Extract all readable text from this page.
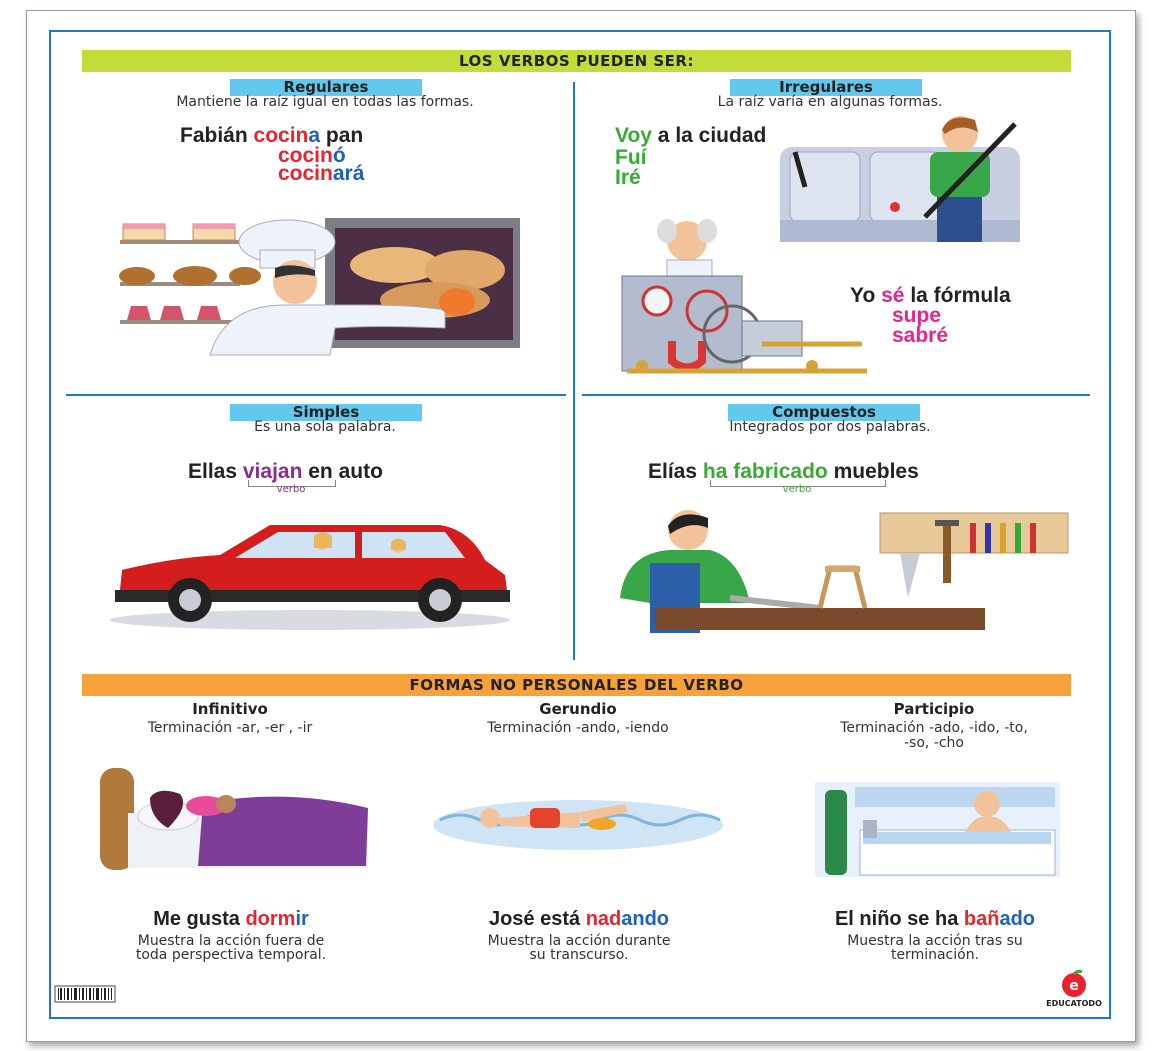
LOS VERBOS PUEDEN SER:
Regulares
Mantiene la raíz igual en todas las formas.
Fabián cocina pan
cocinó
cocinará
Irregulares
La raíz varía en algunas formas.
Voy a la ciudad
Fuí
Iré
Yo sé la fórmula
supe
sabré
Simples
Es una sola palabra.
Ellas viajan en auto
verbo
Compuestos
Integrados por dos palabras.
Elías ha fabricado muebles
verbo
FORMAS NO PERSONALES DEL VERBO
Infinitivo
Terminación -ar, -er , -ir
Gerundio
Terminación -ando, -iendo
Participio
Terminación -ado, -ido, -to,
-so, -cho
Me gusta dormir
Muestra la acción fuera de
toda perspectiva temporal.
José está nadando
Muestra la acción durante
su transcurso.
El niño se ha bañado
Muestra la acción tras su
terminación.
e
EDUCATODO
